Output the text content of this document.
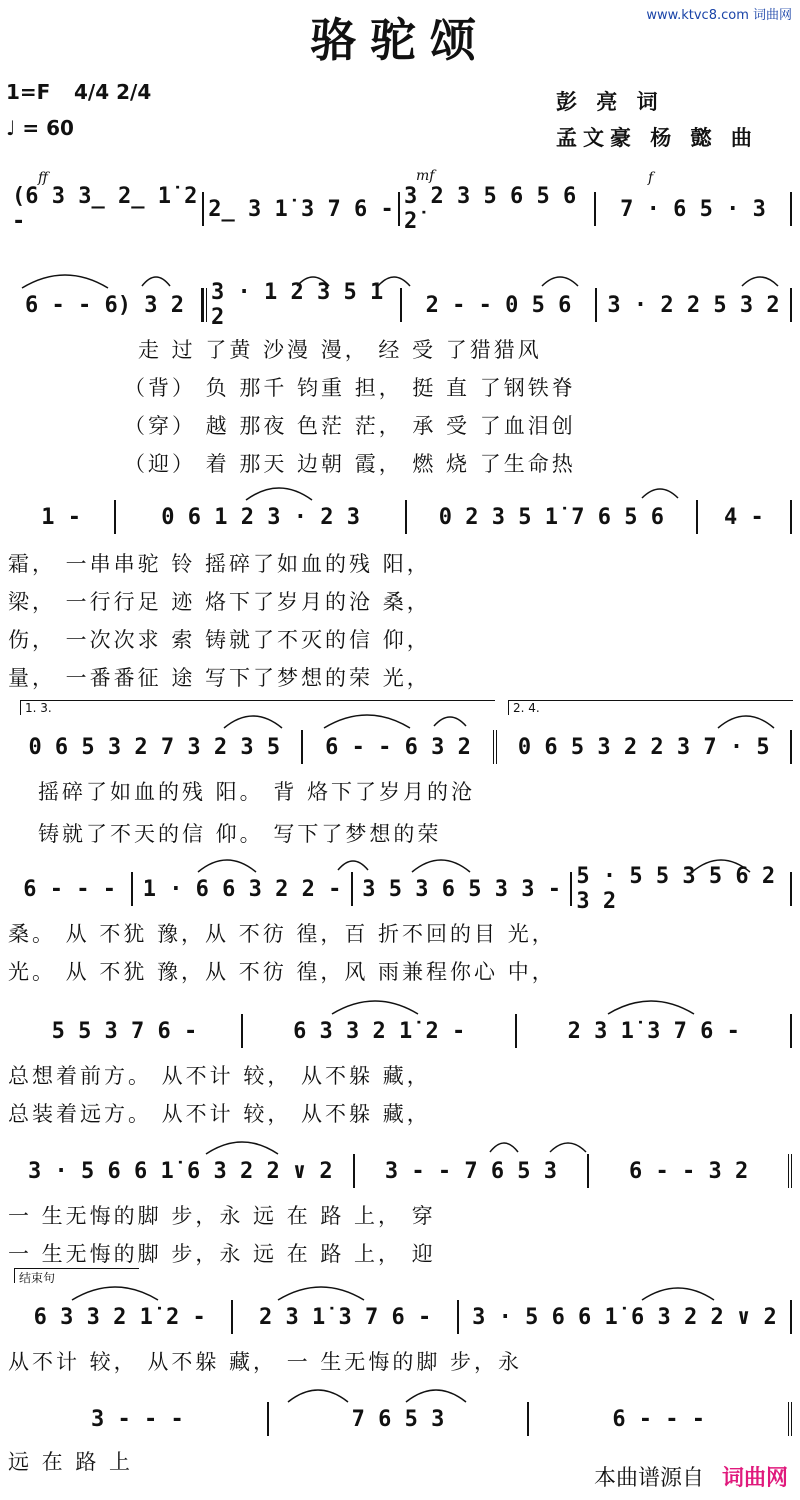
www.ktvc8.com 词曲网
骆驼颂
1=F 4/4 2/4
♩ = 60
彭 亮 词
孟文豪 杨 懿 曲
ff	mf	f
(6 3 3̲ 2̲ 1̇ 2 -	2̲ 3 1̇ 3 7 6 - 3 2 3 5 6 5 6 2̇	7 · 6 5 · 3
6 - - 6) 3 2	3 · 1 2 3 5 1 2	2 - - 0 5 6	3 · 2 2 5 3 2
走 过 了黄 沙漫 漫， 经 受 了猎猎风
（背） 负 那千 钧重 担， 挺 直 了钢铁脊
（穿） 越 那夜 色茫 茫， 承 受 了血泪创
（迎） 着 那天 边朝 霞， 燃 烧 了生命热
1 -	0 6 1 2 3 · 2 3	0 2 3 5 1̇ 7 6 5 6	4 -
霜， 一串串驼 铃 摇碎了如血的残 阳，
梁， 一行行足 迹 烙下了岁月的沧 桑，
伤， 一次次求 索 铸就了不灭的信 仰，
量， 一番番征 途 写下了梦想的荣 光，
1. 3.	2. 4.
0 6 5 3 2 7 3 2 3 5	6 - - 6 3 2	0 6 5 3 2 2 3 7 · 5
摇碎了如血的残 阳。 背 烙下了岁月的沧
铸就了不天的信 仰。 写下了梦想的荣
6 - - -	1 · 6 6 3 2 2 - 3 5 3 6 5 3 3 - 5 · 5 5 3 5 6 2 3 2
桑。 从 不犹 豫，从 不彷 徨，百 折不回的目 光，
光。 从 不犹 豫，从 不彷 徨，风 雨兼程你心 中，
5 5 3 7 6 -	6 3 3 2 1̇ 2 -	2 3 1̇ 3 7 6 -
总想着前方。 从不计 较， 从不躲 藏，
总装着远方。 从不计 较， 从不躲 藏，
3 · 5 6 6 1̇ 6 3 2 2 ∨ 2	3 - - 7 6 5 3	6 - - 3 2
一 生无悔的脚 步，永 远 在 路 上， 穿
一 生无悔的脚 步，永 远 在 路 上， 迎
结束句
6 3 3 2 1̇ 2 -	2 3 1̇ 3 7 6 -	3 · 5 6 6 1̇ 6 3 2 2 ∨ 2
从不计 较， 从不躲 藏， 一 生无悔的脚 步，永
3 - - -	7 6 5 3	6 - - -
远 在 路 上
本曲谱源自 词曲网
